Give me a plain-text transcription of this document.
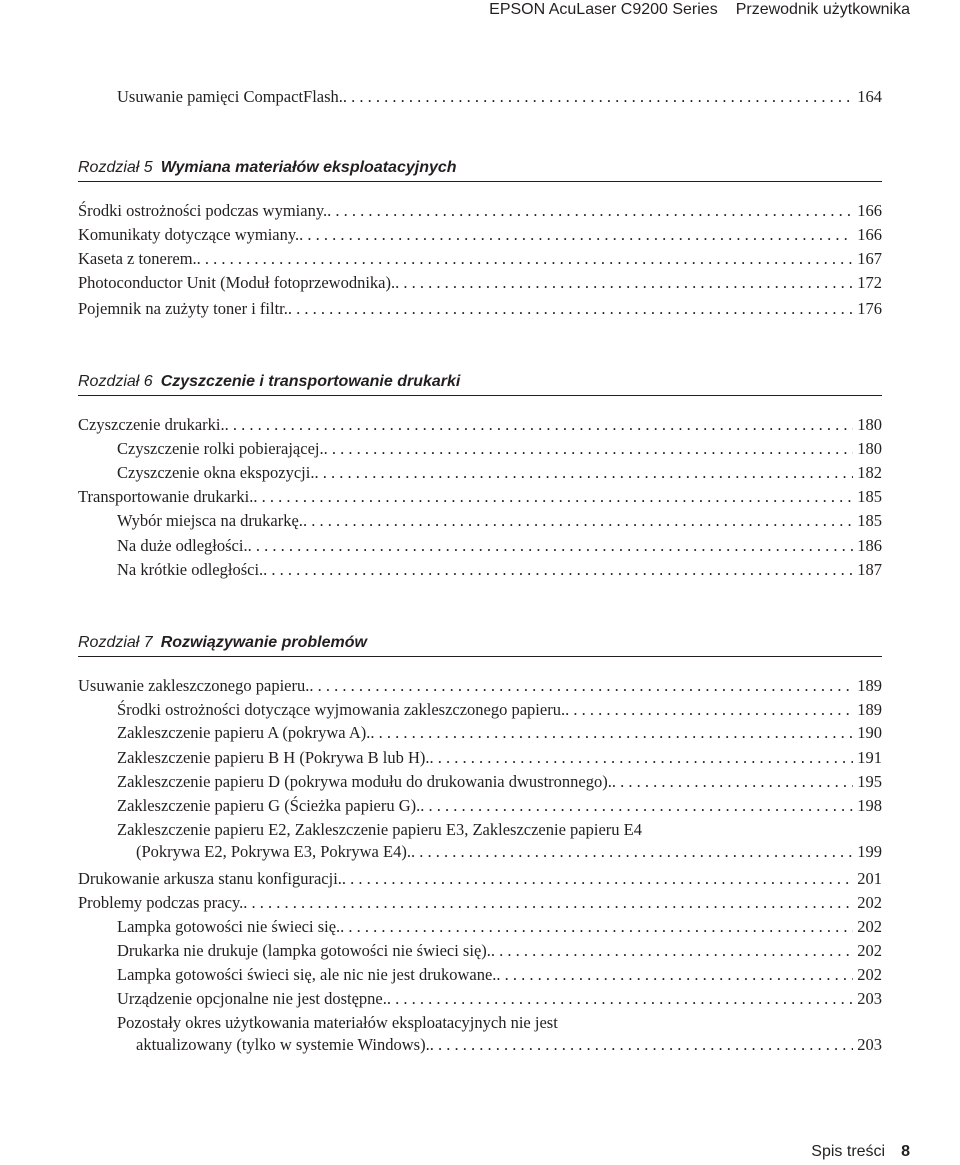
EPSON AcuLaser C9200 Series Przewodnik użytkownika
Usuwanie pamięci CompactFlash. . . .	164
Rozdział 5 Wymiana materiałów eksploatacyjnych
Środki ostrożności podczas wymiany. . . .	166
Komunikaty dotyczące wymiany. . . .	166
Kaseta z tonerem. . . .	167
Photoconductor Unit (Moduł fotoprzewodnika). . . .	172
Pojemnik na zużyty toner i filtr. . . .	176
Rozdział 6 Czyszczenie i transportowanie drukarki
Czyszczenie drukarki. . . .	180
Czyszczenie rolki pobierającej. . . .	180
Czyszczenie okna ekspozycji. . . .	182
Transportowanie drukarki. . . .	185
Wybór miejsca na drukarkę. . . .	185
Na duże odległości. . . .	186
Na krótkie odległości. . . .	187
Rozdział 7 Rozwiązywanie problemów
Usuwanie zakleszczonego papieru. . . .	189
Środki ostrożności dotyczące wyjmowania zakleszczonego papieru. . . .	189
Zakleszczenie papieru A (pokrywa A). . . .	190
Zakleszczenie papieru B H (Pokrywa B lub H). . . .	191
Zakleszczenie papieru D (pokrywa modułu do drukowania dwustronnego). . . .	195
Zakleszczenie papieru G (Ścieżka papieru G). . . .	198
Zakleszczenie papieru E2, Zakleszczenie papieru E3, Zakleszczenie papieru E4
(Pokrywa E2, Pokrywa E3, Pokrywa E4). . . .	199
Drukowanie arkusza stanu konfiguracji. . . .	201
Problemy podczas pracy. . . .	202
Lampka gotowości nie świeci się. . . .	202
Drukarka nie drukuje (lampka gotowości nie świeci się). . . .	202
Lampka gotowości świeci się, ale nic nie jest drukowane. . . .	202
Urządzenie opcjonalne nie jest dostępne. . . .	203
Pozostały okres użytkowania materiałów eksploatacyjnych nie jest
aktualizowany (tylko w systemie Windows). . . .	203
Spis treści 8
